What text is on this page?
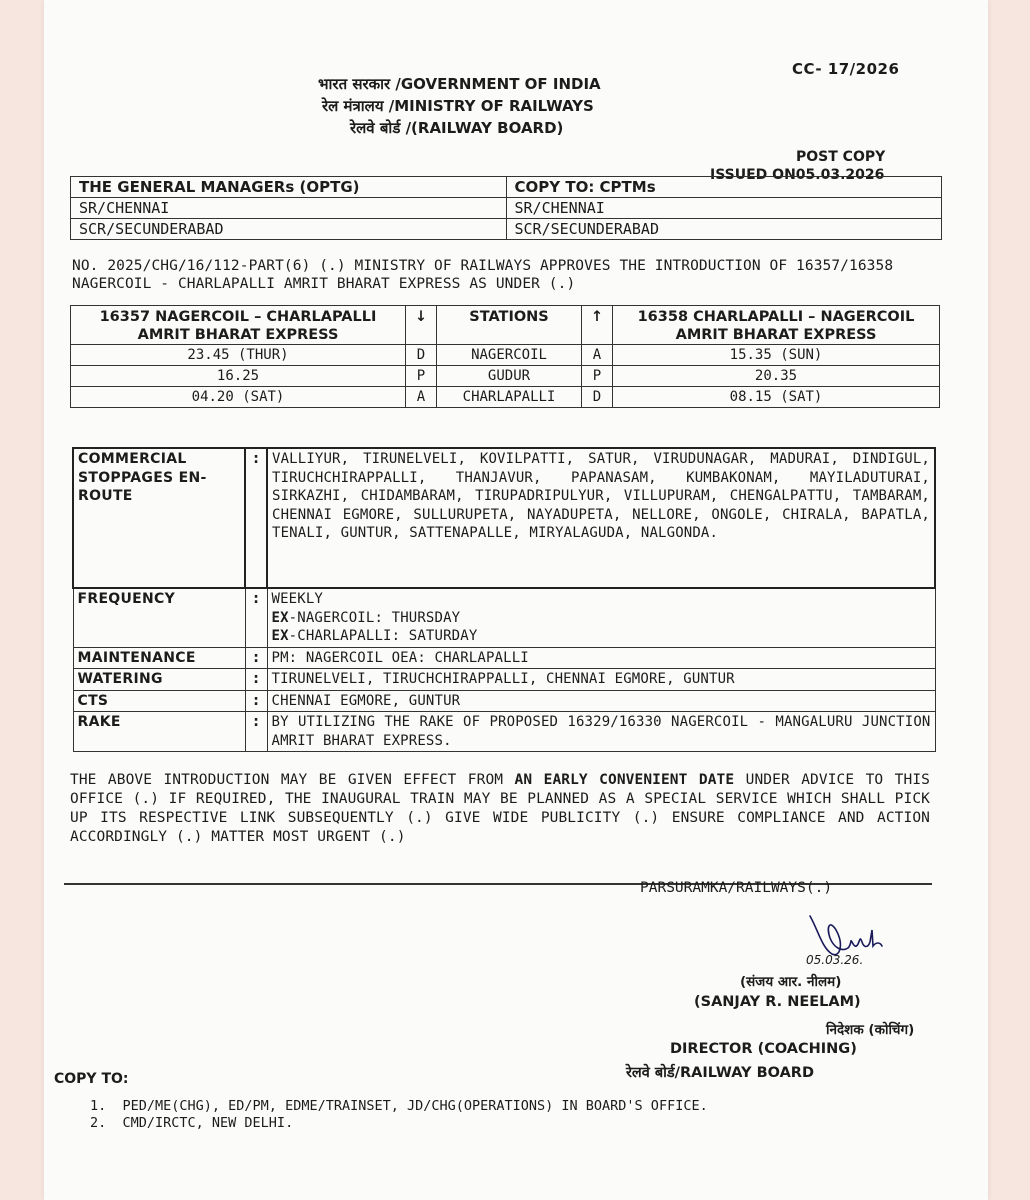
CC- 17/2026
भारत सरकार /GOVERNMENT OF INDIA
रेल मंत्रालय /MINISTRY OF RAILWAYS
रेलवे बोर्ड /(RAILWAY BOARD)
POST COPY
ISSUED ON05.03.2026
THE GENERAL MANAGERs (OPTG)	COPY TO: CPTMs
SR/CHENNAI	SR/CHENNAI
SCR/SECUNDERABAD	SCR/SECUNDERABAD
NO. 2025/CHG/16/112-PART(6) (.) MINISTRY OF RAILWAYS APPROVES THE INTRODUCTION OF 16357/16358 NAGERCOIL - CHARLAPALLI AMRIT BHARAT EXPRESS AS UNDER (.)
16357 NAGERCOIL – CHARLAPALLI AMRIT BHARAT EXPRESS	↓	STATIONS	↑	16358 CHARLAPALLI – NAGERCOIL AMRIT BHARAT EXPRESS
23.45 (THUR)	D	NAGERCOIL	A	15.35 (SUN)
16.25	P	GUDUR	P	20.35
04.20 (SAT)	A	CHARLAPALLI	D	08.15 (SAT)
COMMERCIAL STOPPAGES EN-ROUTE	:	VALLIYUR, TIRUNELVELI, KOVILPATTI, SATUR, VIRUDUNAGAR, MADURAI, DINDIGUL, TIRUCHCHIRAPPALLI, THANJAVUR, PAPANASAM, KUMBAKONAM, MAYILADUTURAI, SIRKAZHI, CHIDAMBARAM, TIRUPADRIPULYUR, VILLUPURAM, CHENGALPATTU, TAMBARAM, CHENNAI EGMORE, SULLURUPETA, NAYADUPETA, NELLORE, ONGOLE, CHIRALA, BAPATLA, TENALI, GUNTUR, SATTENAPALLE, MIRYALAGUDA, NALGONDA.
FREQUENCY	:	WEEKLY
EX-NAGERCOIL: THURSDAY
EX-CHARLAPALLI: SATURDAY

MAINTENANCE	:	PM: NAGERCOIL OEA: CHARLAPALLI
WATERING	:	TIRUNELVELI, TIRUCHCHIRAPPALLI, CHENNAI EGMORE, GUNTUR
CTS	:	CHENNAI EGMORE, GUNTUR
RAKE	:	BY UTILIZING THE RAKE OF PROPOSED 16329/16330 NAGERCOIL - MANGALURU JUNCTION AMRIT BHARAT EXPRESS.
THE ABOVE INTRODUCTION MAY BE GIVEN EFFECT FROM AN EARLY CONVENIENT DATE UNDER ADVICE TO THIS OFFICE (.) IF REQUIRED, THE INAUGURAL TRAIN MAY BE PLANNED AS A SPECIAL SERVICE WHICH SHALL PICK UP ITS RESPECTIVE LINK SUBSEQUENTLY (.) GIVE WIDE PUBLICITY (.) ENSURE COMPLIANCE AND ACTION ACCORDINGLY (.) MATTER MOST URGENT (.)
PARSURAMKA/RAILWAYS(.)
05.03.26.
(संजय आर. नीलम)
(SANJAY R. NEELAM)
निदेशक (कोचिंग)
DIRECTOR (COACHING)
रेलवे बोर्ड/RAILWAY BOARD
COPY TO:
1.  PED/ME(CHG), ED/PM, EDME/TRAINSET, JD/CHG(OPERATIONS) IN BOARD'S OFFICE.
2.  CMD/IRCTC, NEW DELHI.
